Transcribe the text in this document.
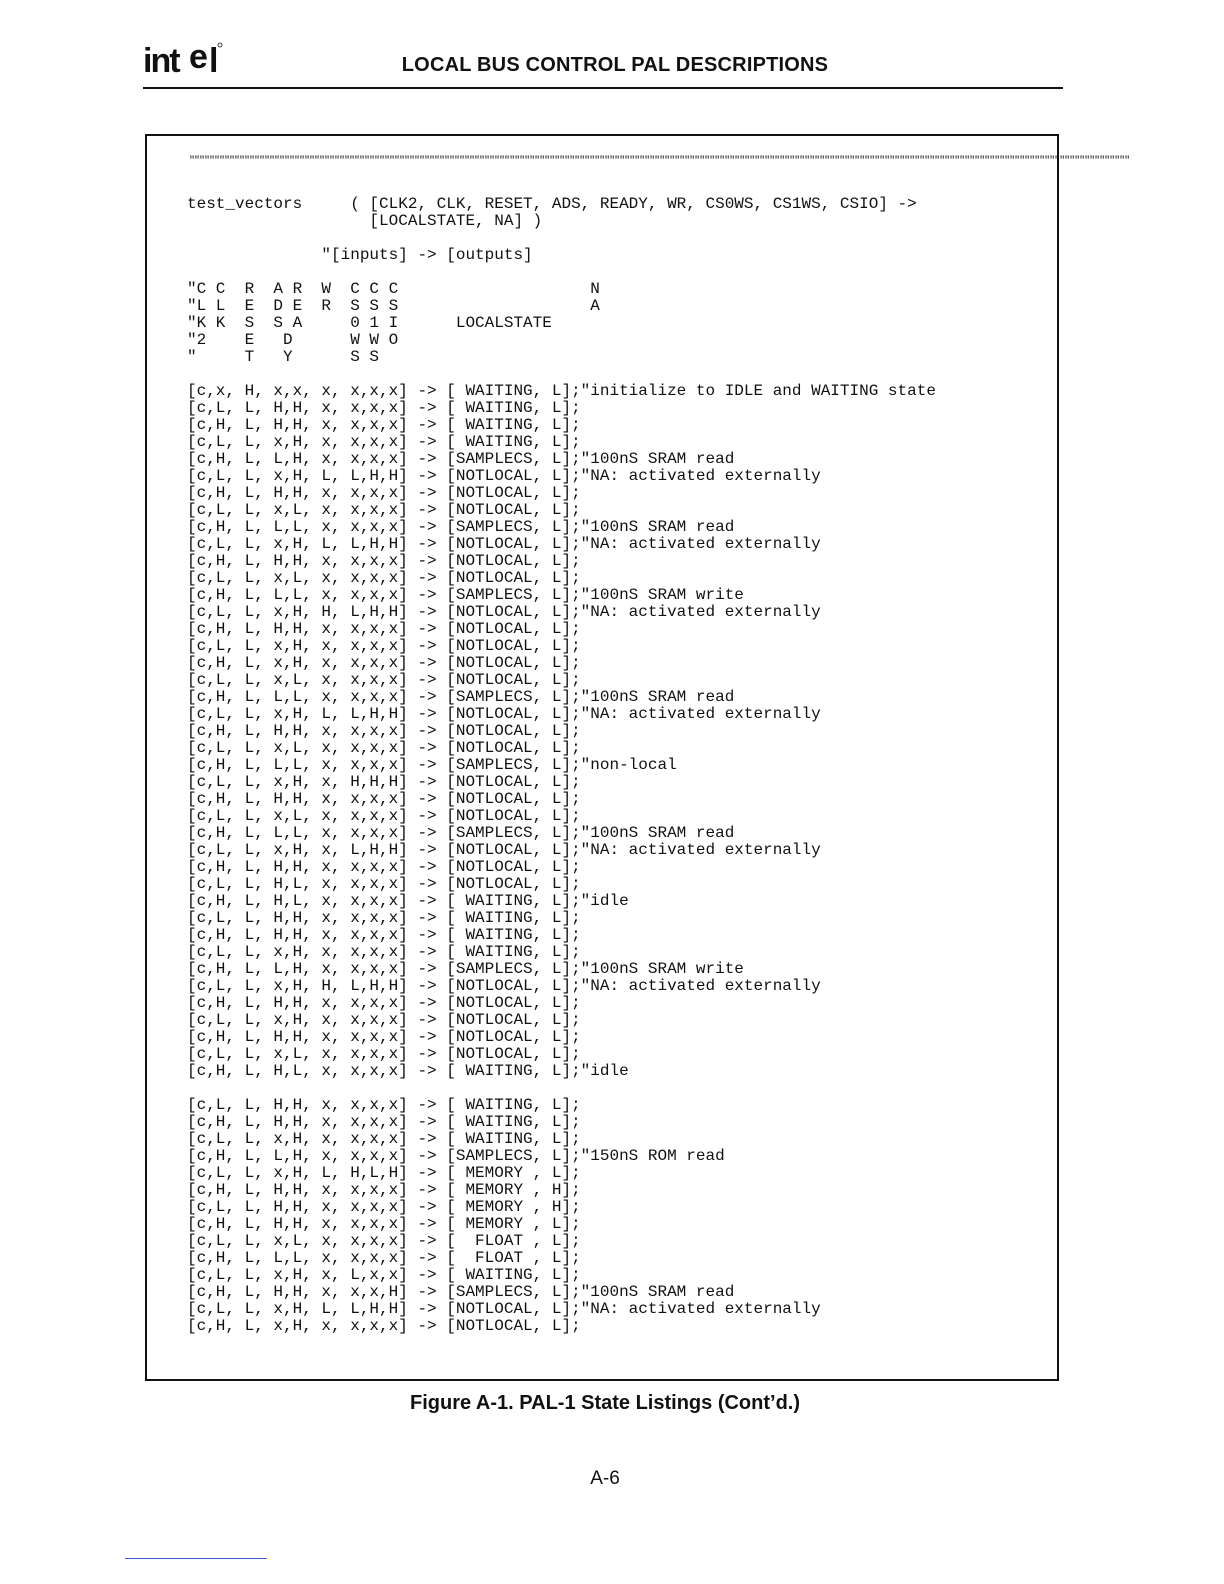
int e l	LOCAL BUS CONTROL PAL DESCRIPTIONS
""""""""""""""""""""""""""""""""""""""""""""""""""""""""""""""""""""""""""""""""""""""""""""""""""""""""""""""""""""""""""""""""""""""""""""""""""""""""""""""""""""""""""""""""""""""""""""
test_vectors     ( [CLK2, CLK, RESET, ADS, READY, WR, CS0WS, CS1WS, CSIO] ->
[LOCALSTATE, NA] )

"[inputs] -> [outputs]

"C C  R  A R  W  C C C                    N
"L L  E  D E  R  S S S                    A
"K K  S  S A     0 1 I      LOCALSTATE
"2    E   D      W W O
"     T   Y      S S

[c,x, H, x,x, x, x,x,x] -> [ WAITING, L];"initialize to IDLE and WAITING state
[c,L, L, H,H, x, x,x,x] -> [ WAITING, L];
[c,H, L, H,H, x, x,x,x] -> [ WAITING, L];
[c,L, L, x,H, x, x,x,x] -> [ WAITING, L];
[c,H, L, L,H, x, x,x,x] -> [SAMPLECS, L];"100nS SRAM read
[c,L, L, x,H, L, L,H,H] -> [NOTLOCAL, L];"NA: activated externally
[c,H, L, H,H, x, x,x,x] -> [NOTLOCAL, L];
[c,L, L, x,L, x, x,x,x] -> [NOTLOCAL, L];
[c,H, L, L,L, x, x,x,x] -> [SAMPLECS, L];"100nS SRAM read
[c,L, L, x,H, L, L,H,H] -> [NOTLOCAL, L];"NA: activated externally
[c,H, L, H,H, x, x,x,x] -> [NOTLOCAL, L];
[c,L, L, x,L, x, x,x,x] -> [NOTLOCAL, L];
[c,H, L, L,L, x, x,x,x] -> [SAMPLECS, L];"100nS SRAM write
[c,L, L, x,H, H, L,H,H] -> [NOTLOCAL, L];"NA: activated externally
[c,H, L, H,H, x, x,x,x] -> [NOTLOCAL, L];
[c,L, L, x,H, x, x,x,x] -> [NOTLOCAL, L];
[c,H, L, x,H, x, x,x,x] -> [NOTLOCAL, L];
[c,L, L, x,L, x, x,x,x] -> [NOTLOCAL, L];
[c,H, L, L,L, x, x,x,x] -> [SAMPLECS, L];"100nS SRAM read
[c,L, L, x,H, L, L,H,H] -> [NOTLOCAL, L];"NA: activated externally
[c,H, L, H,H, x, x,x,x] -> [NOTLOCAL, L];
[c,L, L, x,L, x, x,x,x] -> [NOTLOCAL, L];
[c,H, L, L,L, x, x,x,x] -> [SAMPLECS, L];"non-local
[c,L, L, x,H, x, H,H,H] -> [NOTLOCAL, L];
[c,H, L, H,H, x, x,x,x] -> [NOTLOCAL, L];
[c,L, L, x,L, x, x,x,x] -> [NOTLOCAL, L];
[c,H, L, L,L, x, x,x,x] -> [SAMPLECS, L];"100nS SRAM read
[c,L, L, x,H, x, L,H,H] -> [NOTLOCAL, L];"NA: activated externally
[c,H, L, H,H, x, x,x,x] -> [NOTLOCAL, L];
[c,L, L, H,L, x, x,x,x] -> [NOTLOCAL, L];
[c,H, L, H,L, x, x,x,x] -> [ WAITING, L];"idle
[c,L, L, H,H, x, x,x,x] -> [ WAITING, L];
[c,H, L, H,H, x, x,x,x] -> [ WAITING, L];
[c,L, L, x,H, x, x,x,x] -> [ WAITING, L];
[c,H, L, L,H, x, x,x,x] -> [SAMPLECS, L];"100nS SRAM write
[c,L, L, x,H, H, L,H,H] -> [NOTLOCAL, L];"NA: activated externally
[c,H, L, H,H, x, x,x,x] -> [NOTLOCAL, L];
[c,L, L, x,H, x, x,x,x] -> [NOTLOCAL, L];
[c,H, L, H,H, x, x,x,x] -> [NOTLOCAL, L];
[c,L, L, x,L, x, x,x,x] -> [NOTLOCAL, L];
[c,H, L, H,L, x, x,x,x] -> [ WAITING, L];"idle

[c,L, L, H,H, x, x,x,x] -> [ WAITING, L];
[c,H, L, H,H, x, x,x,x] -> [ WAITING, L];
[c,L, L, x,H, x, x,x,x] -> [ WAITING, L];
[c,H, L, L,H, x, x,x,x] -> [SAMPLECS, L];"150nS ROM read
[c,L, L, x,H, L, H,L,H] -> [ MEMORY , L];
[c,H, L, H,H, x, x,x,x] -> [ MEMORY , H];
[c,L, L, H,H, x, x,x,x] -> [ MEMORY , H];
[c,H, L, H,H, x, x,x,x] -> [ MEMORY , L];
[c,L, L, x,L, x, x,x,x] -> [  FLOAT , L];
[c,H, L, L,L, x, x,x,x] -> [  FLOAT , L];
[c,L, L, x,H, x, L,x,x] -> [ WAITING, L];
[c,H, L, H,H, x, x,x,H] -> [SAMPLECS, L];"100nS SRAM read
[c,L, L, x,H, L, L,H,H] -> [NOTLOCAL, L];"NA: activated externally
[c,H, L, x,H, x, x,x,x] -> [NOTLOCAL, L];
Figure A-1. PAL-1 State Listings (Cont’d.)
A-6
